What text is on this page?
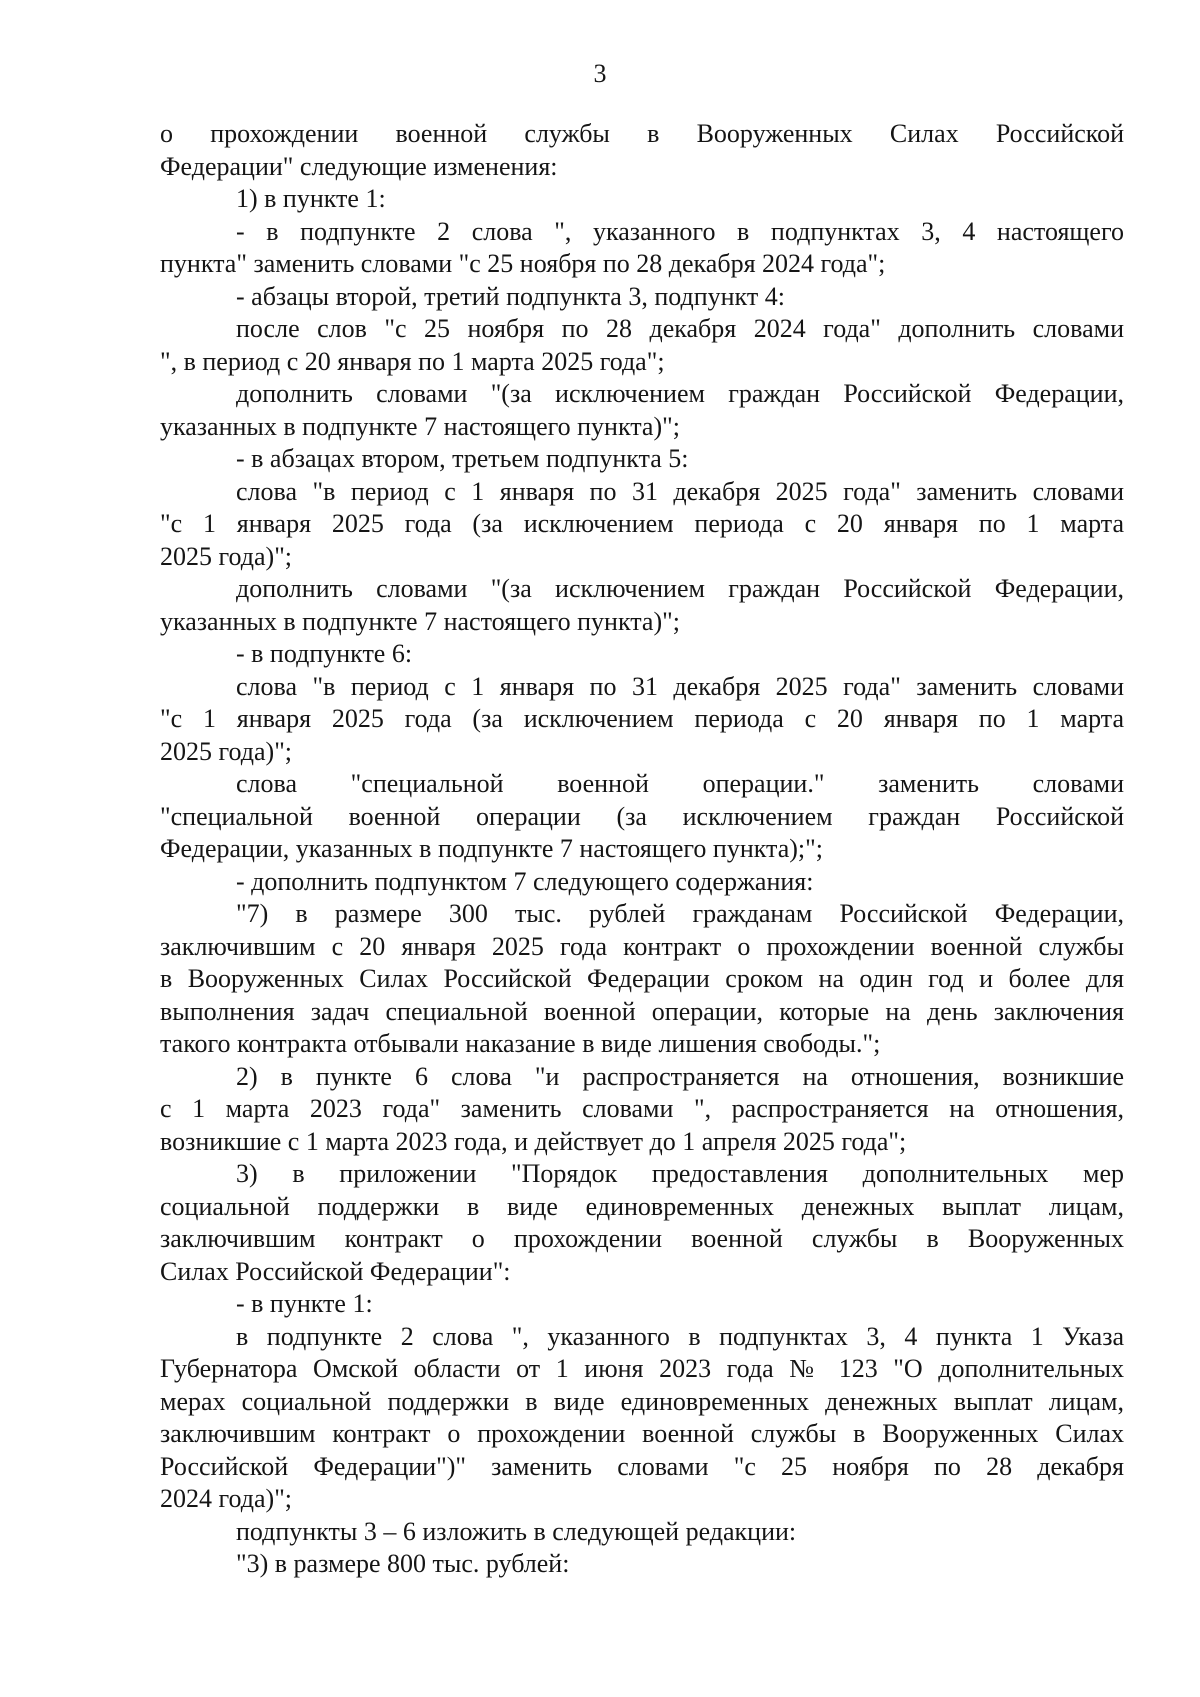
3
о прохождении военной службы в Вооруженных Силах Российской
Федерации" следующие изменения:
1) в пункте 1:
- в подпункте 2 слова ", указанного в подпунктах 3, 4 настоящего
пункта" заменить словами "с 25 ноября по 28 декабря 2024 года";
- абзацы второй, третий подпункта 3, подпункт 4:
после слов "с 25 ноября по 28 декабря 2024 года" дополнить словами
", в период с 20 января по 1 марта 2025 года";
дополнить словами "(за исключением граждан Российской Федерации,
указанных в подпункте 7 настоящего пункта)";
- в абзацах втором, третьем подпункта 5:
слова "в период с 1 января по 31 декабря 2025 года" заменить словами
"с 1 января 2025 года (за исключением периода с 20 января по 1 марта
2025 года)";
дополнить словами "(за исключением граждан Российской Федерации,
указанных в подпункте 7 настоящего пункта)";
- в подпункте 6:
слова "в период с 1 января по 31 декабря 2025 года" заменить словами
"с 1 января 2025 года (за исключением периода с 20 января по 1 марта
2025 года)";
слова "специальной военной операции." заменить словами
"специальной военной операции (за исключением граждан Российской
Федерации, указанных в подпункте 7 настоящего пункта);";
- дополнить подпунктом 7 следующего содержания:
"7) в размере 300 тыс. рублей гражданам Российской Федерации,
заключившим с 20 января 2025 года контракт о прохождении военной службы
в Вооруженных Силах Российской Федерации сроком на один год и более для
выполнения задач специальной военной операции, которые на день заключения
такого контракта отбывали наказание в виде лишения свободы.";
2) в пункте 6 слова "и распространяется на отношения, возникшие
с 1 марта 2023 года" заменить словами ", распространяется на отношения,
возникшие с 1 марта 2023 года, и действует до 1 апреля 2025 года";
3) в приложении "Порядок предоставления дополнительных мер
социальной поддержки в виде единовременных денежных выплат лицам,
заключившим контракт о прохождении военной службы в Вооруженных
Силах Российской Федерации":
- в пункте 1:
в подпункте 2 слова ", указанного в подпунктах 3, 4 пункта 1 Указа
Губернатора Омской области от 1 июня 2023 года № 123 "О дополнительных
мерах социальной поддержки в виде единовременных денежных выплат лицам,
заключившим контракт о прохождении военной службы в Вооруженных Силах
Российской Федерации")" заменить словами "с 25 ноября по 28 декабря
2024 года)";
подпункты 3 – 6 изложить в следующей редакции:
"3) в размере 800 тыс. рублей:
